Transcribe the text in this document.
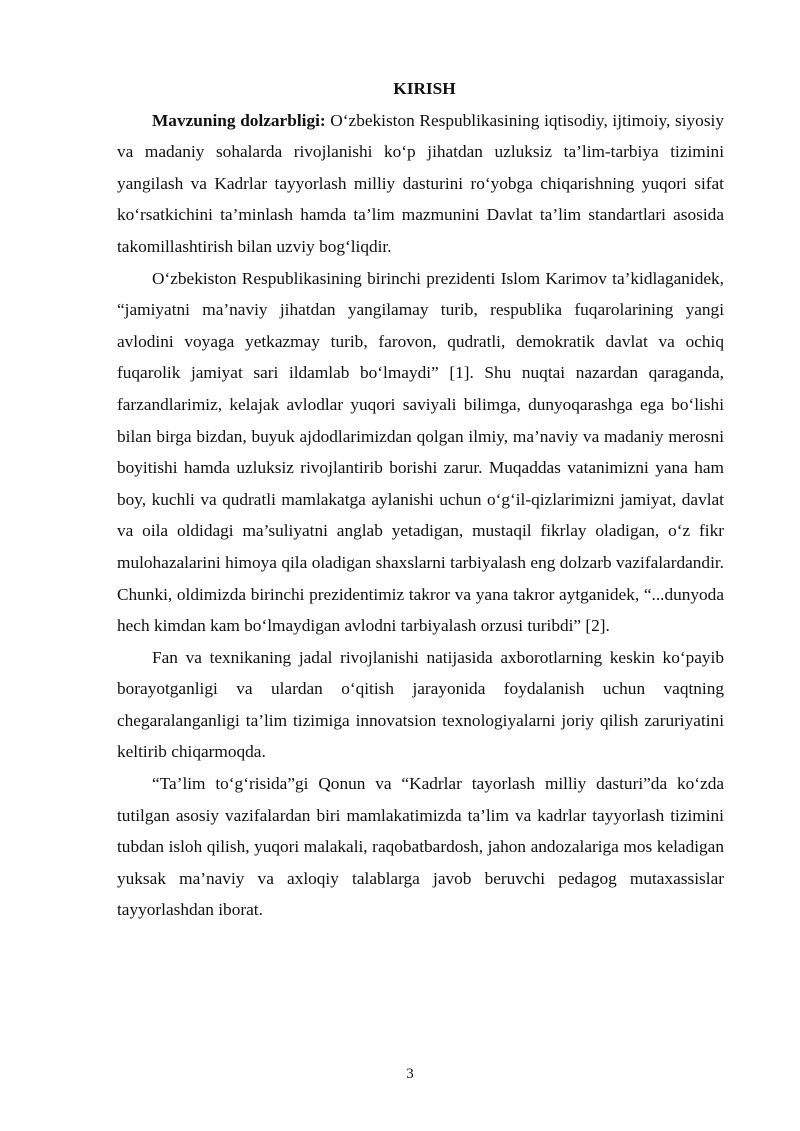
KIRISH

Mavzuning dolzarbligi: O‘zbekiston Respublikasining iqtisodiy, ijtimoiy, siyosiy va madaniy sohalarda rivojlanishi ko‘p jihatdan uzluksiz ta’lim-tarbiya tizimini yangilash va Kadrlar tayyorlash milliy dasturini ro‘yobga chiqarishning yuqori sifat ko‘rsatkichini ta’minlash hamda ta’lim mazmunini Davlat ta’lim standartlari asosida takomillashtirish bilan uzviy bog‘liqdir.

O‘zbekiston Respublikasining birinchi prezidenti Islom Karimov ta’kidlaganidek, “jamiyatni ma’naviy jihatdan yangilamay turib, respublika fuqarolarining yangi avlodini voyaga yetkazmay turib, farovon, qudratli, demokratik davlat va ochiq fuqarolik jamiyat sari ildamlab bo‘lmaydi” [1]. Shu nuqtai nazardan qaraganda, farzandlarimiz, kelajak avlodlar yuqori saviyali bilimga, dunyoqarashga ega bo‘lishi bilan birga bizdan, buyuk ajdodlarimizdan qolgan ilmiy, ma’naviy va madaniy merosni boyitishi hamda uzluksiz rivojlantirib borishi zarur. Muqaddas vatanimizni yana ham boy, kuchli va qudratli mamlakatga aylanishi uchun o‘g‘il-qizlarimizni jamiyat, davlat va oila oldidagi ma’suliyatni anglab yetadigan, mustaqil fikrlay oladigan, o‘z fikr mulohazalarini himoya qila oladigan shaxslarni tarbiyalash eng dolzarb vazifalardandir. Chunki, oldimizda birinchi prezidentimiz takror va yana takror aytganidek, “...dunyoda hech kimdan kam bo‘lmaydigan avlodni tarbiyalash orzusi turibdi” [2].

Fan va texnikaning jadal rivojlanishi natijasida axborotlarning keskin ko‘payib borayotganligi va ulardan o‘qitish jarayonida foydalanish uchun vaqtning chegaralanganligi ta’lim tizimiga innovatsion texnologiyalarni joriy qilish zaruriyatini keltirib chiqarmoqda.

“Ta’lim to‘g‘risida”gi Qonun va “Kadrlar tayorlash milliy dasturi”da ko‘zda tutilgan asosiy vazifalardan biri mamlakatimizda ta’lim va kadrlar tayyorlash tizimini tubdan isloh qilish, yuqori malakali, raqobatbardosh, jahon andozalariga mos keladigan yuksak ma’naviy va axloqiy talablarga javob beruvchi pedagog mutaxassislar tayyorlashdan iborat.

3
